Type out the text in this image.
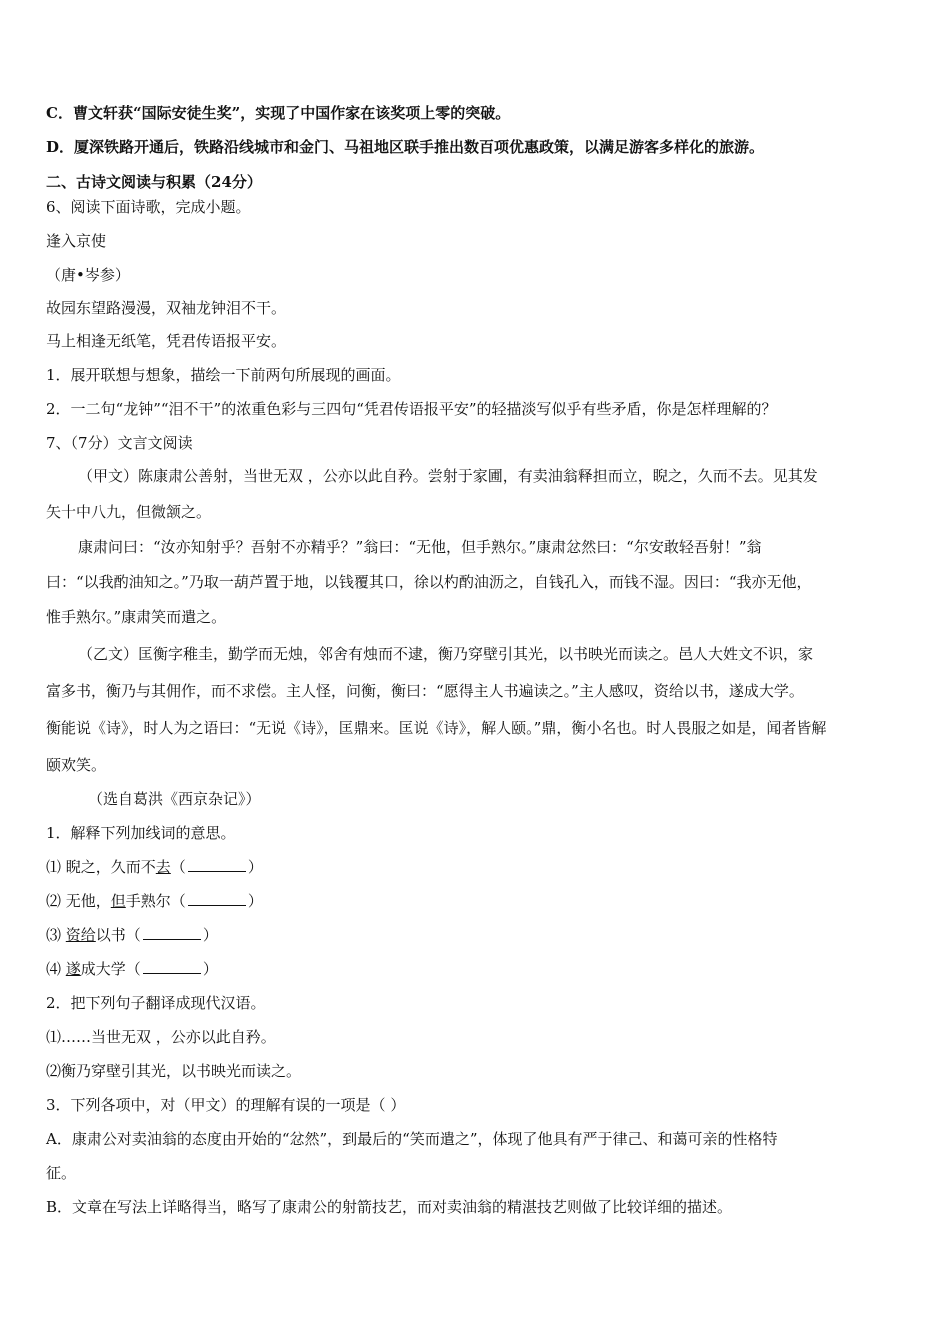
C．曹文轩获“国际安徒生奖”，实现了中国作家在该奖项上零的突破。
D．厦深铁路开通后，铁路沿线城市和金门、马祖地区联手推出数百项优惠政策，以满足游客多样化的旅游。
二、古诗文阅读与积累（24分）
6、阅读下面诗歌，完成小题。
逢入京使
（唐•岑参）
故园东望路漫漫，双袖龙钟泪不干。
马上相逢无纸笔，凭君传语报平安。
1．展开联想与想象，描绘一下前两句所展现的画面。
2．一二句“龙钟”“泪不干”的浓重色彩与三四句“凭君传语报平安”的轻描淡写似乎有些矛盾，你是怎样理解的？
7、（7分）文言文阅读
（甲文）陈康肃公善射，当世无双 ，公亦以此自矜。尝射于家圃，有卖油翁释担而立，睨之，久而不去。见其发
矢十中八九，但微颔之。
康肃问曰：“汝亦知射乎？吾射不亦精乎？”翁曰：“无他，但手熟尔。”康肃忿然曰：“尔安敢轻吾射！”翁
曰：“以我酌油知之。”乃取一葫芦置于地，以钱覆其口，徐以杓酌油沥之，自钱孔入，而钱不湿。因曰：“我亦无他，
惟手熟尔。”康肃笑而遣之。
（乙文）匡衡字稚圭，勤学而无烛，邻舍有烛而不逮，衡乃穿壁引其光，以书映光而读之。邑人大姓文不识，家
富多书，衡乃与其佣作，而不求偿。主人怪，问衡，衡曰：“愿得主人书遍读之。”主人感叹，资给以书，遂成大学。
衡能说《诗》，时人为之语曰：“无说《诗》，匡鼎来。匡说《诗》，解人颐。”鼎，衡小名也。时人畏服之如是，闻者皆解
颐欢笑。
（选自葛洪《西京杂记》）
1．解释下列加线词的意思。
⑴ 睨之，久而不去（	）
⑵ 无他，但手熟尔（	）
⑶ 资给以书（	）
⑷ 遂成大学（	）
2．把下列句子翻译成现代汉语。
⑴……当世无双 ，公亦以此自矜。
⑵衡乃穿壁引其光，以书映光而读之。
3．下列各项中，对（甲文）的理解有误的一项是（ ）
A．康肃公对卖油翁的态度由开始的“忿然”，到最后的“笑而遣之”，体现了他具有严于律己、和蔼可亲的性格特
征。
B．文章在写法上详略得当，略写了康肃公的射箭技艺，而对卖油翁的精湛技艺则做了比较详细的描述。
